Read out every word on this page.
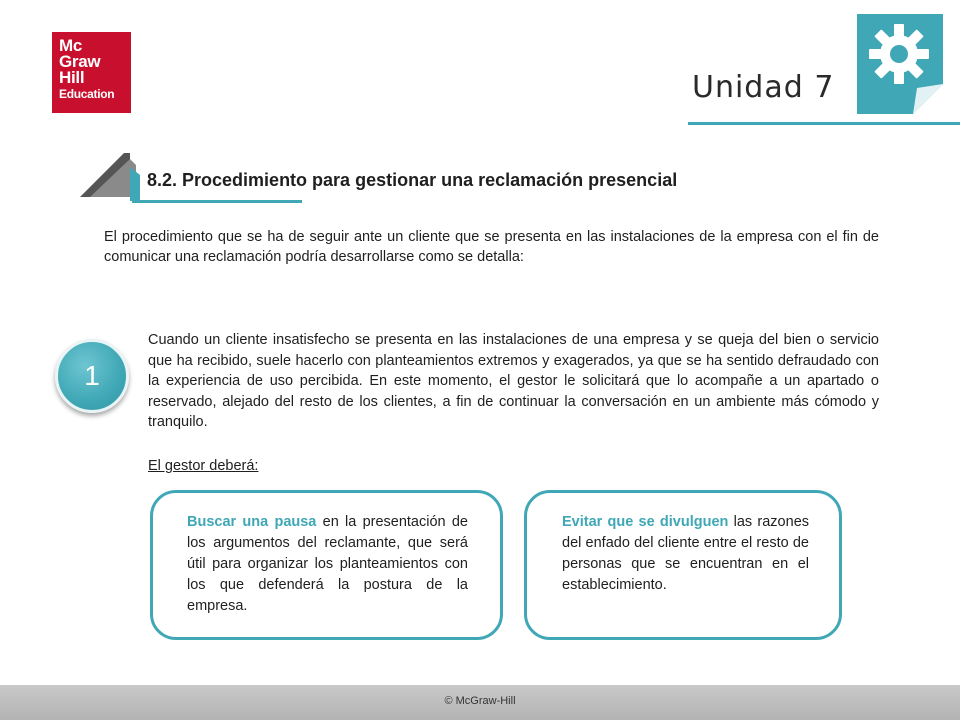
Mc
Graw
Hill
Education	Unidad 7
8.2. Procedimiento para gestionar una reclamación presencial

El procedimiento que se ha de seguir ante un cliente que se presenta en las instalaciones de la empresa con el fin de comunicar una reclamación podría desarrollarse como se detalla:

1

Cuando un cliente insatisfecho se presenta en las instalaciones de una empresa y se queja del bien o servicio que ha recibido, suele hacerlo con planteamientos extremos y exagerados, ya que se ha sentido defraudado con la experiencia de uso percibida. En este momento, el gestor le solicitará que lo acompañe a un apartado o reservado, alejado del resto de los clientes, a fin de continuar la conversación en un ambiente más cómodo y tranquilo.

El gestor deberá:
Buscar una pausa en la presentación de los argumentos del reclamante, que será útil para organizar los planteamientos con los que defenderá la postura de la empresa.
Evitar que se divulguen las razones del enfado del cliente entre el resto de personas que se encuentran en el establecimiento.
© McGraw-Hill
